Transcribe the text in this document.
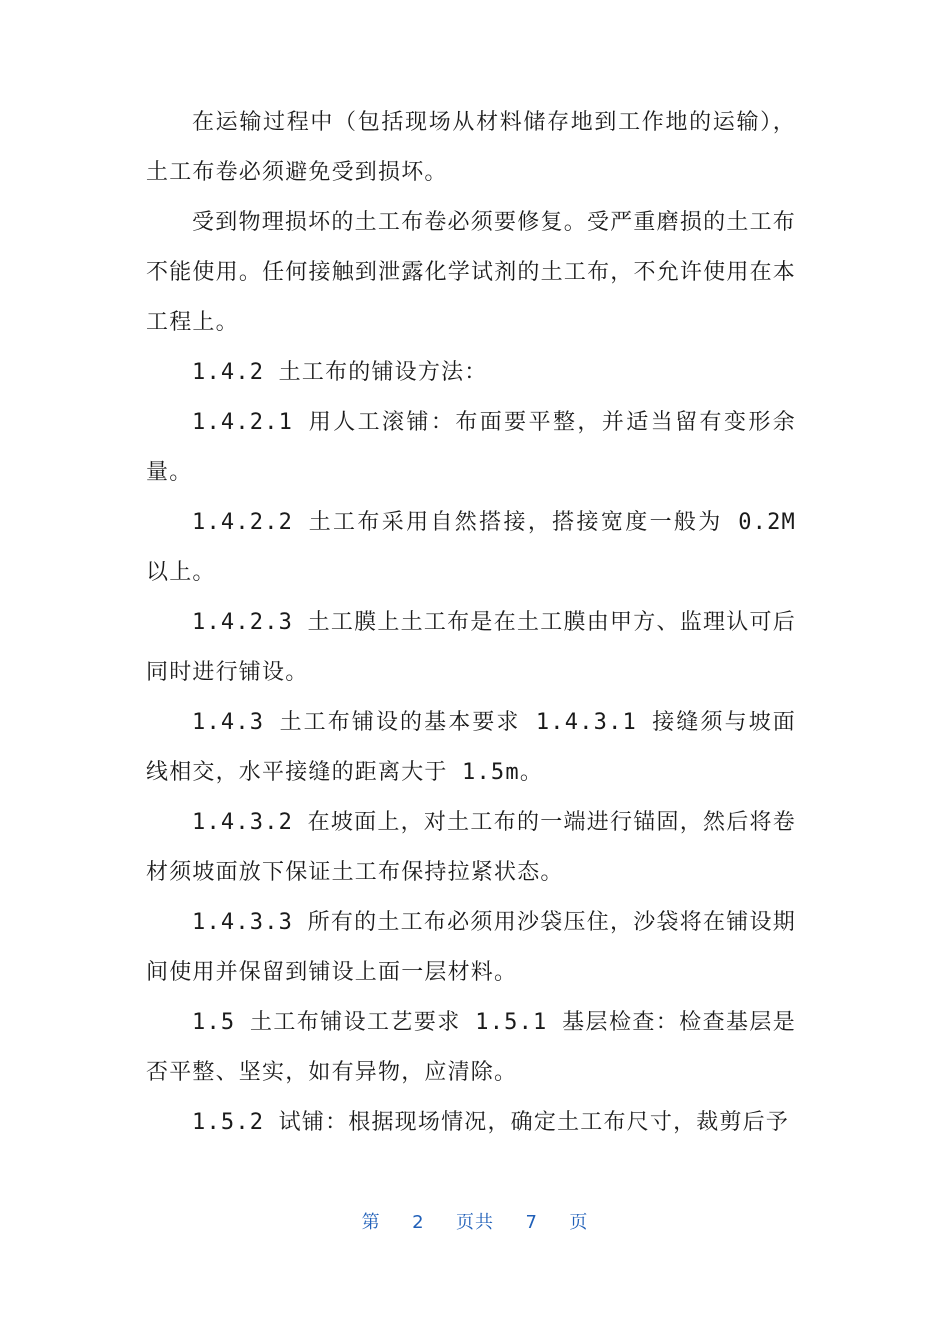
在运输过程中（包括现场从材料储存地到工作地的运输），土工布卷必须避免受到损坏。

受到物理损坏的土工布卷必须要修复。受严重磨损的土工布不能使用。任何接触到泄露化学试剂的土工布，不允许使用在本工程上。

1.4.2 土工布的铺设方法：

1.4.2.1 用人工滚铺：布面要平整，并适当留有变形余量。

1.4.2.2 土工布采用自然搭接，搭接宽度一般为 0.2M 以上。

1.4.2.3 土工膜上土工布是在土工膜由甲方、监理认可后同时进行铺设。

1.4.3 土工布铺设的基本要求 1.4.3.1 接缝须与坡面线相交，水平接缝的距离大于 1.5m。

1.4.3.2 在坡面上，对土工布的一端进行锚固，然后将卷材须坡面放下保证土工布保持拉紧状态。

1.4.3.3 所有的土工布必须用沙袋压住，沙袋将在铺设期间使用并保留到铺设上面一层材料。

1.5 土工布铺设工艺要求 1.5.1 基层检查：检查基层是否平整、坚实，如有异物，应清除。

1.5.2 试铺：根据现场情况，确定土工布尺寸，裁剪后予

第 2 页共 7 页
